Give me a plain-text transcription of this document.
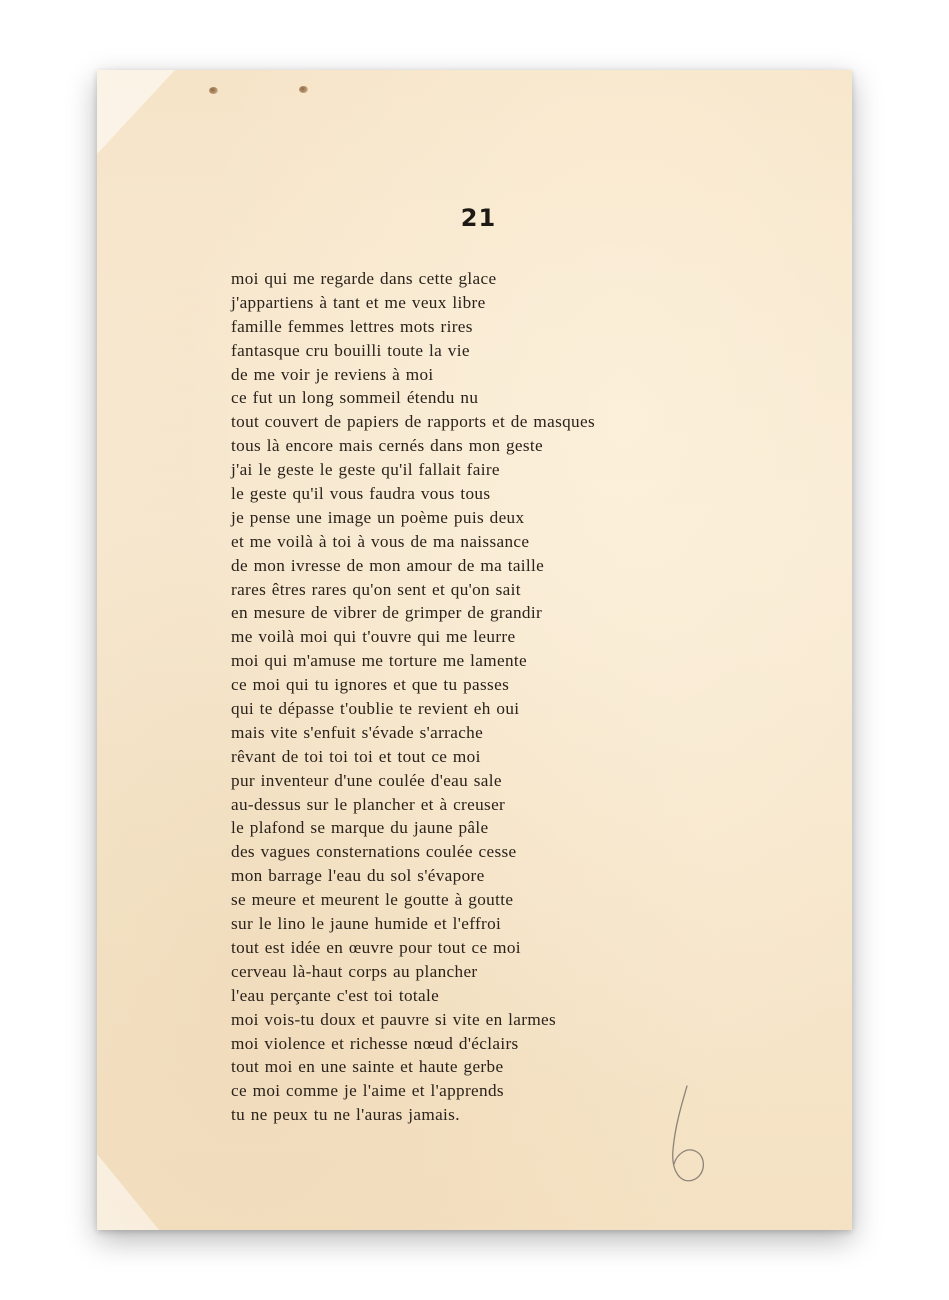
21
moi qui me regarde dans cette glace
j'appartiens à tant et me veux libre
famille femmes lettres mots rires
fantasque cru bouilli toute la vie
de me voir je reviens à moi
ce fut un long sommeil étendu nu
tout couvert de papiers de rapports et de masques
tous là encore mais cernés dans mon geste
j'ai le geste le geste qu'il fallait faire
le geste qu'il vous faudra vous tous
je pense une image un poème puis deux
et me voilà à toi à vous de ma naissance
de mon ivresse de mon amour de ma taille
rares êtres rares qu'on sent et qu'on sait
en mesure de vibrer de grimper de grandir
me voilà moi qui t'ouvre qui me leurre
moi qui m'amuse me torture me lamente
ce moi qui tu ignores et que tu passes
qui te dépasse t'oublie te revient eh oui
mais vite s'enfuit s'évade s'arrache
rêvant de toi toi toi et tout ce moi
pur inventeur d'une coulée d'eau sale
au-dessus sur le plancher et à creuser
le plafond se marque du jaune pâle
des vagues consternations coulée cesse
mon barrage l'eau du sol s'évapore
se meure et meurent le goutte à goutte
sur le lino le jaune humide et l'effroi
tout est idée en œuvre pour tout ce moi
cerveau là-haut corps au plancher
l'eau perçante c'est toi totale
moi vois-tu doux et pauvre si vite en larmes
moi violence et richesse nœud d'éclairs
tout moi en une sainte et haute gerbe
ce moi comme je l'aime et l'apprends
tu ne peux tu ne l'auras jamais.
